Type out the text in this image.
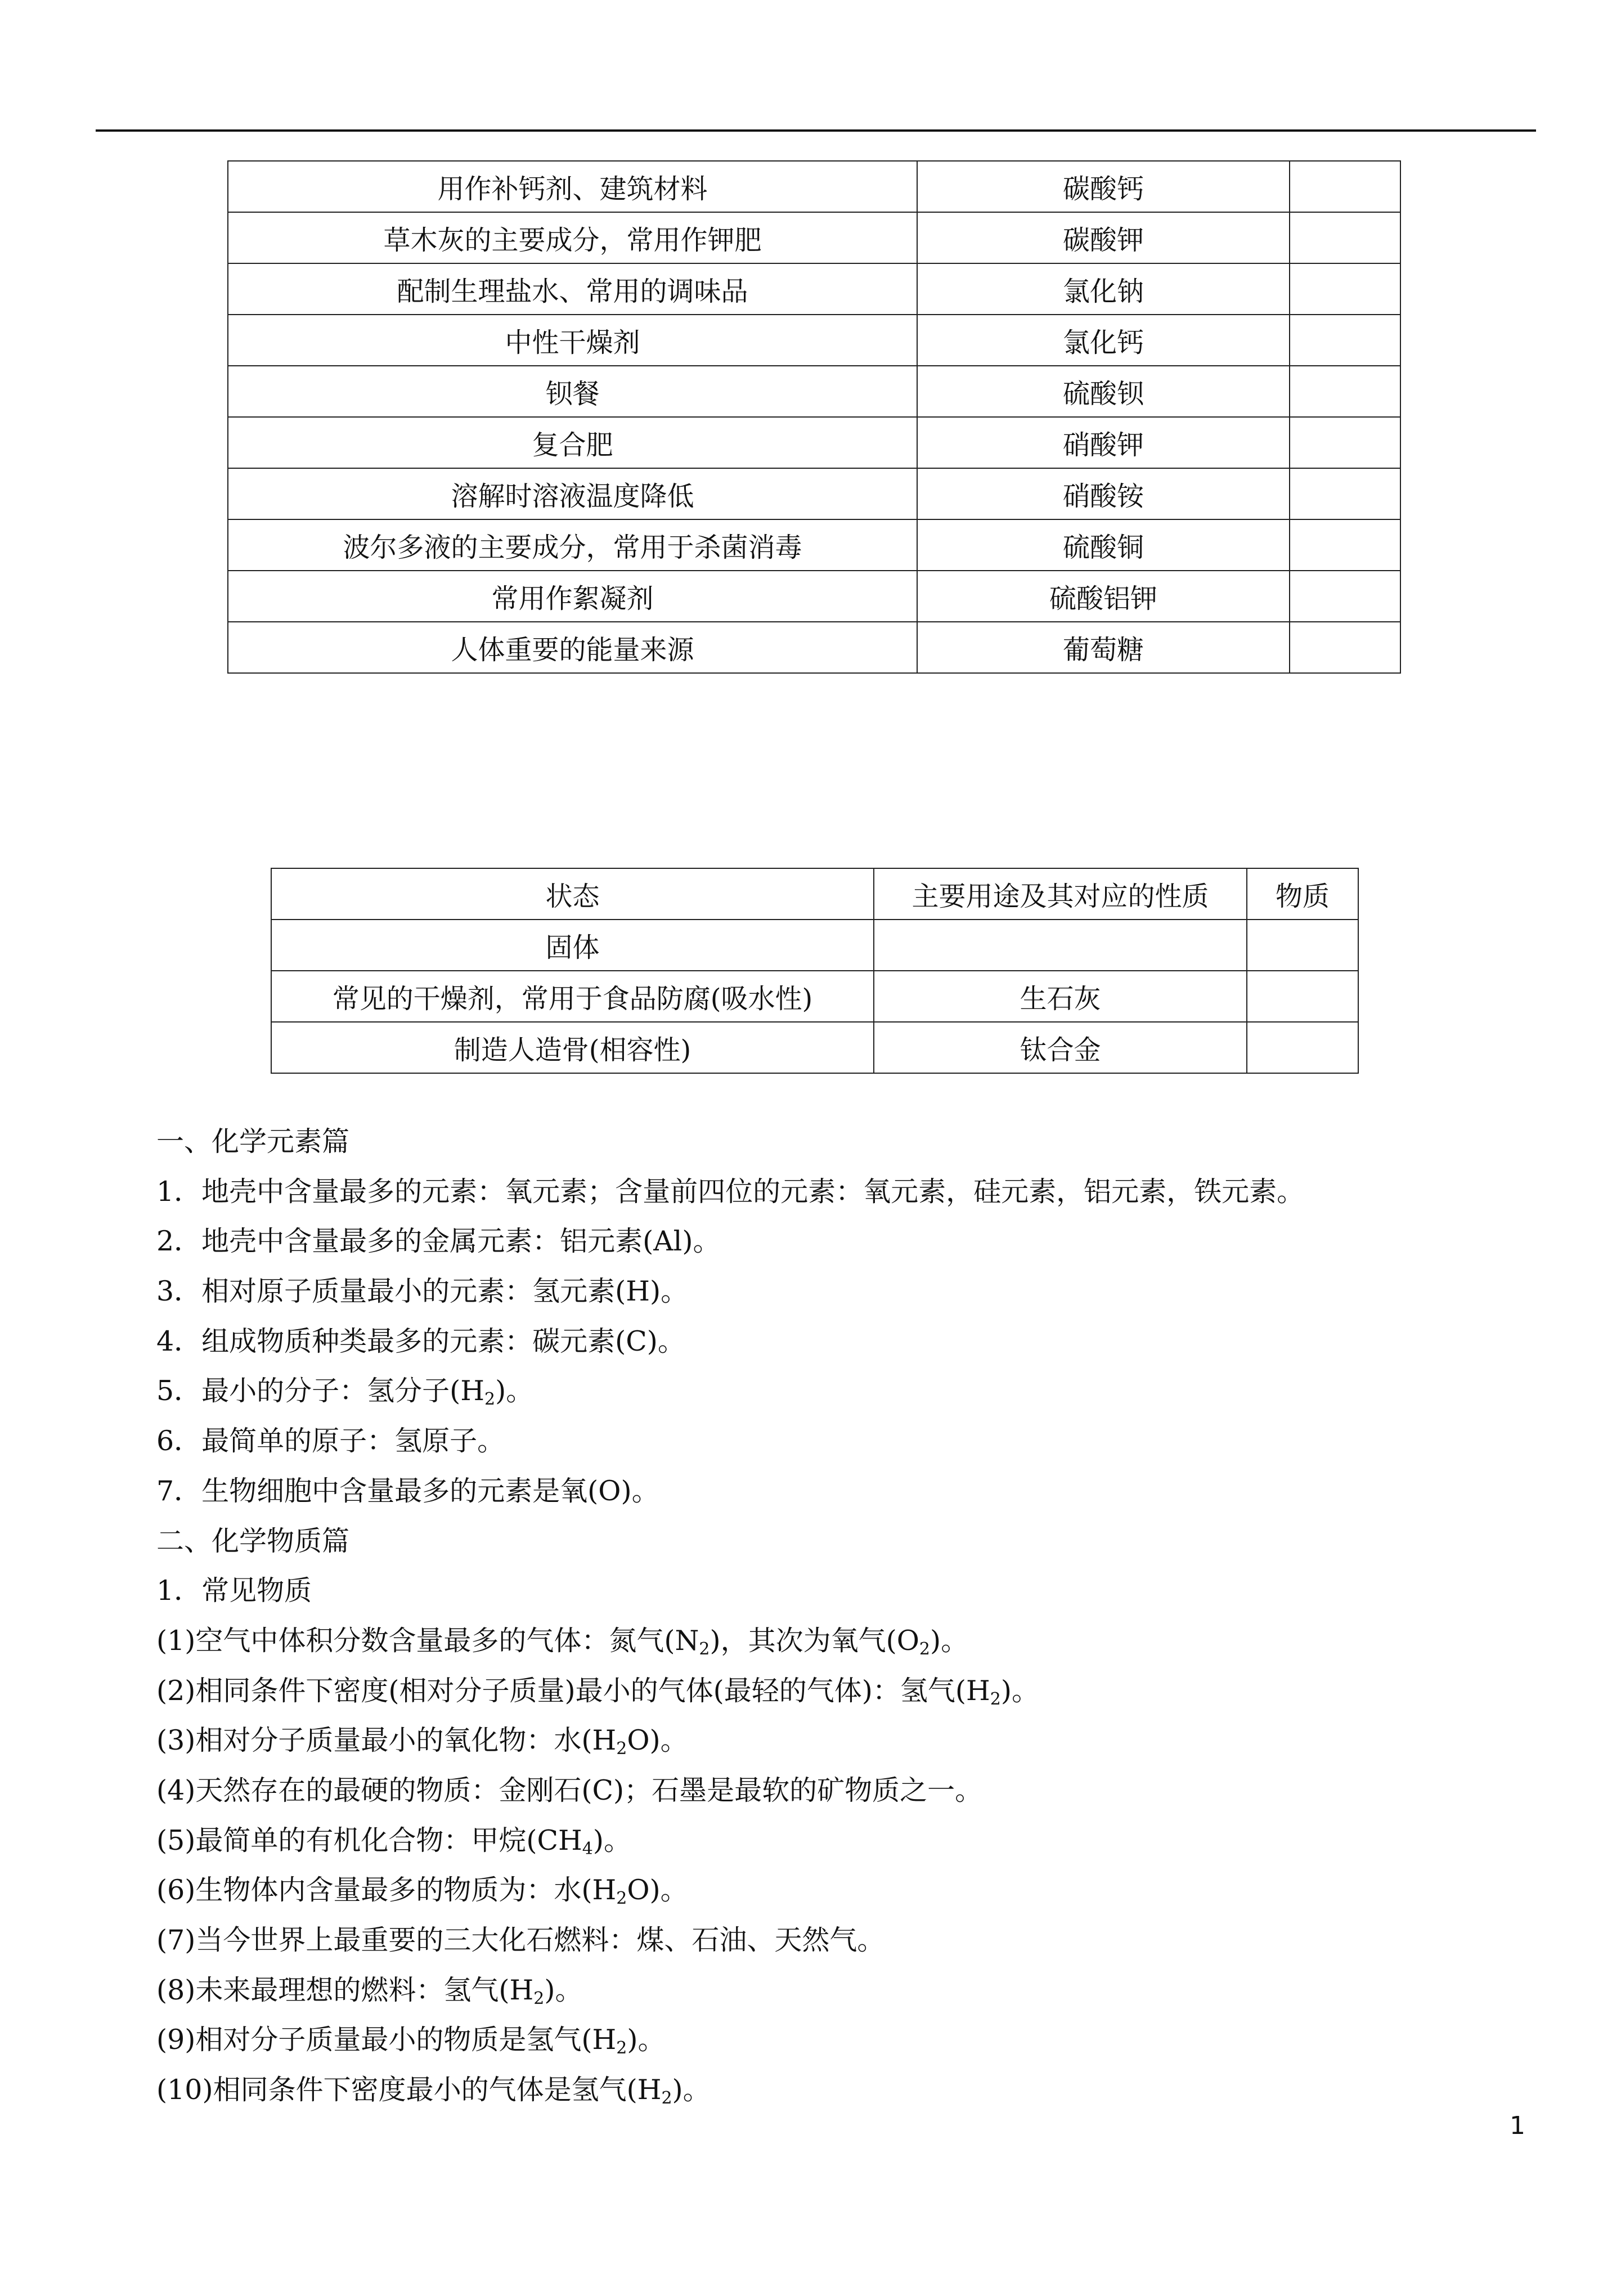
用作补钙剂、建筑材料	碳酸钙	
草木灰的主要成分，常用作钾肥	碳酸钾	
配制生理盐水、常用的调味品	氯化钠	
中性干燥剂	氯化钙	
钡餐	硫酸钡	
复合肥	硝酸钾	
溶解时溶液温度降低	硝酸铵	
波尔多液的主要成分，常用于杀菌消毒	硫酸铜	
常用作絮凝剂	硫酸铝钾	
人体重要的能量来源	葡萄糖	
状态	主要用途及其对应的性质	物质
固体		
常见的干燥剂，常用于食品防腐(吸水性)	生石灰	
制造人造骨(相容性)	钛合金	
一、化学元素篇
1．地壳中含量最多的元素：氧元素；含量前四位的元素：氧元素，硅元素，铝元素，铁元素。
2．地壳中含量最多的金属元素：铝元素(Al)。
3．相对原子质量最小的元素：氢元素(H)。
4．组成物质种类最多的元素：碳元素(C)。
5．最小的分子：氢分子$(H_2)$。
6．最简单的原子：氢原子。
7．生物细胞中含量最多的元素是氧(O)。
二、化学物质篇
1．常见物质
(1)空气中体积分数含量最多的气体：氮气$(N_2)$，其次为氧气$(O_2)$。
(2)相同条件下密度(相对分子质量)最小的气体(最轻的气体)：氢气$(H_2)$。
(3)相对分子质量最小的氧化物：水$(H_2O)$。
(4)天然存在的最硬的物质：金刚石(C)；石墨是最软的矿物质之一。
(5)最简单的有机化合物：甲烷$(CH_4)$。
(6)生物体内含量最多的物质为：水$(H_2O)$。
(7)当今世界上最重要的三大化石燃料：煤、石油、天然气。
(8)未来最理想的燃料：氢气$(H_2)$。
(9)相对分子质量最小的物质是氢气$(H_2)$。
(10)相同条件下密度最小的气体是氢气$(H_2)$。
1
